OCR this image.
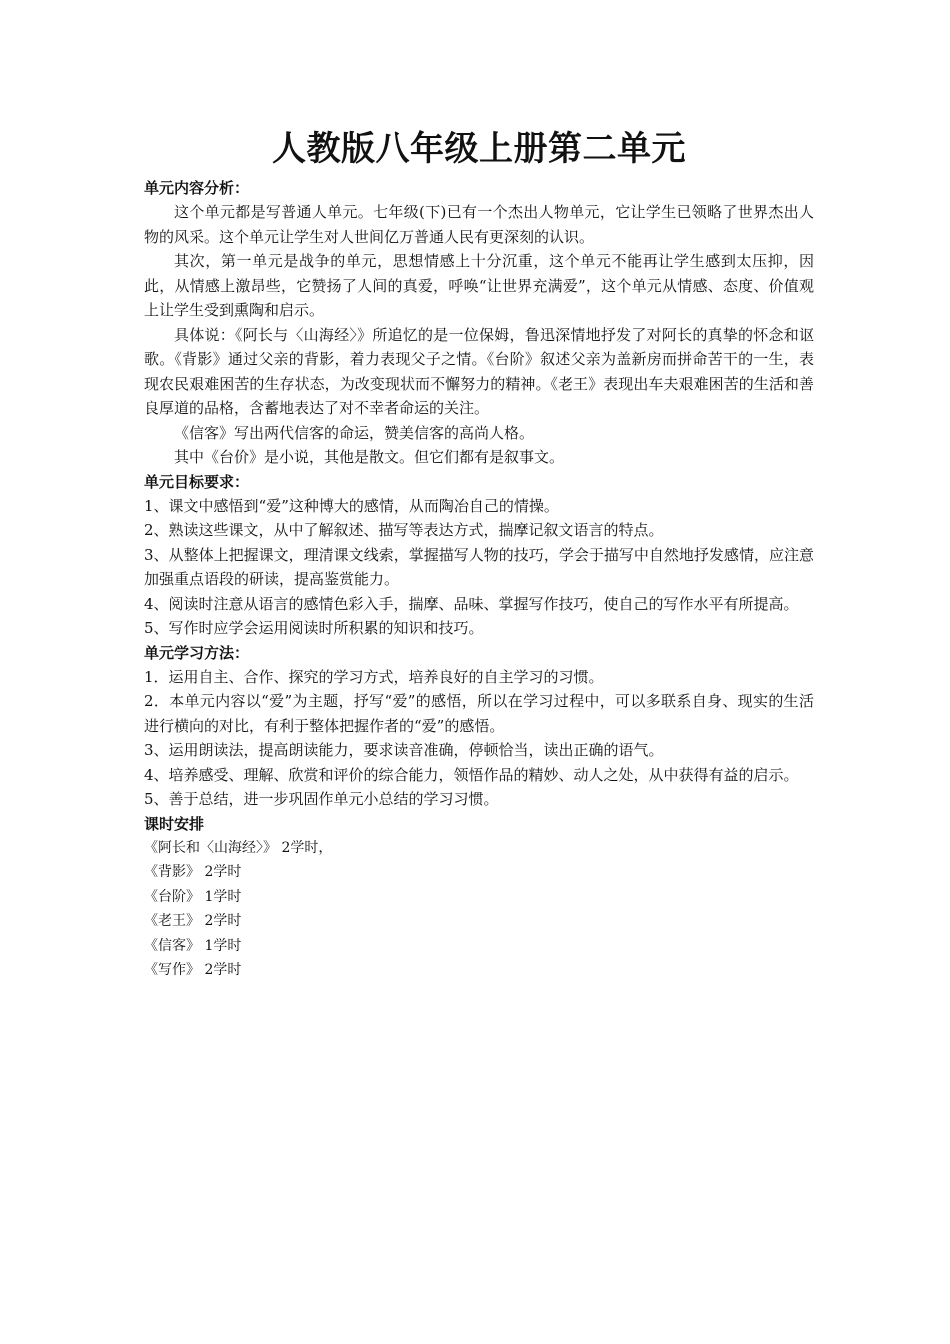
人教版八年级上册第二单元

单元内容分析：

这个单元都是写普通人单元。七年级(下)已有一个杰出人物单元，它让学生已领略了世界杰出人物的风采。这个单元让学生对人世间亿万普通人民有更深刻的认识。

其次，第一单元是战争的单元，思想情感上十分沉重，这个单元不能再让学生感到太压抑，因此，从情感上激昂些，它赞扬了人间的真爱，呼唤“让世界充满爱”，这个单元从情感、态度、价值观上让学生受到熏陶和启示。

具体说：《阿长与〈山海经〉》所追忆的是一位保姆，鲁迅深情地抒发了对阿长的真挚的怀念和讴歌。《背影》通过父亲的背影，着力表现父子之情。《台阶》叙述父亲为盖新房而拼命苦干的一生，表现农民艰难困苦的生存状态，为改变现状而不懈努力的精神。《老王》表现出车夫艰难困苦的生活和善良厚道的品格，含蓄地表达了对不幸者命运的关注。

《信客》写出两代信客的命运，赞美信客的高尚人格。

其中《台价》是小说，其他是散文。但它们都有是叙事文。

单元目标要求：

1、课文中感悟到“爱”这种博大的感情，从而陶冶自己的情操。

2、熟读这些课文，从中了解叙述、描写等表达方式，揣摩记叙文语言的特点。

3、从整体上把握课文，理清课文线索，掌握描写人物的技巧，学会于描写中自然地抒发感情，应注意加强重点语段的研读，提高鉴赏能力。

4、阅读时注意从语言的感情色彩入手，揣摩、品味、掌握写作技巧，使自己的写作水平有所提高。

5、写作时应学会运用阅读时所积累的知识和技巧。

单元学习方法：

1．运用自主、合作、探究的学习方式，培养良好的自主学习的习惯。

2．本单元内容以“爱”为主题，抒写“爱”的感悟，所以在学习过程中，可以多联系自身、现实的生活进行横向的对比，有利于整体把握作者的“爱”的感悟。

3、运用朗读法，提高朗读能力，要求读音准确，停顿恰当，读出正确的语气。

4、培养感受、理解、欣赏和评价的综合能力，领悟作品的精妙、动人之处，从中获得有益的启示。

5、善于总结，进一步巩固作单元小总结的学习习惯。

课时安排

《阿长和〈山海经〉》 2学时，

《背影》 2学时

《台阶》 1学时

《老王》 2学时

《信客》 1学时

《写作》 2学时
